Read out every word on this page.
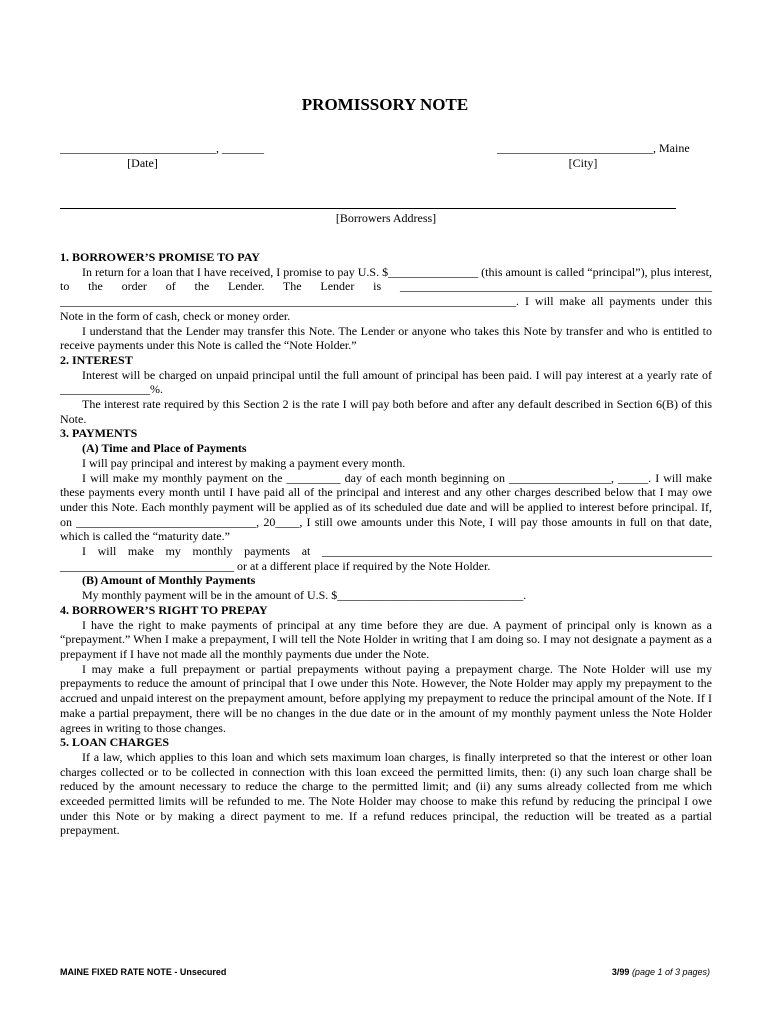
PROMISSORY NOTE
__________________________, _______
[Date]
__________________________, Maine
[City]
[Borrowers Address]

1. BORROWER’S PROMISE TO PAY

In return for a loan that I have received, I promise to pay U.S. $_______________ (this amount is called “principal”), plus interest, to the order of the Lender. The Lender is ____________________________________________________ ____________________________________________________________________________. I will make all payments under this Note in the form of cash, check or money order.

I understand that the Lender may transfer this Note. The Lender or anyone who takes this Note by transfer and who is entitled to receive payments under this Note is called the “Note Holder.”

2. INTEREST

Interest will be charged on unpaid principal until the full amount of principal has been paid. I will pay interest at a yearly rate of _______________%.

The interest rate required by this Section 2 is the rate I will pay both before and after any default described in Section 6(B) of this Note.

3. PAYMENTS

(A) Time and Place of Payments

I will pay principal and interest by making a payment every month.

I will make my monthly payment on the _________ day of each month beginning on _________________, _____. I will make these payments every month until I have paid all of the principal and interest and any other charges described below that I may owe under this Note. Each monthly payment will be applied as of its scheduled due date and will be applied to interest before principal. If, on ______________________________, 20____, I still owe amounts under this Note, I will pay those amounts in full on that date, which is called the “maturity date.”

I will make my monthly payments at _________________________________________________________________ _____________________________ or at a different place if required by the Note Holder.

(B) Amount of Monthly Payments

My monthly payment will be in the amount of U.S. $_______________________________.

4. BORROWER’S RIGHT TO PREPAY

I have the right to make payments of principal at any time before they are due. A payment of principal only is known as a “prepayment.” When I make a prepayment, I will tell the Note Holder in writing that I am doing so. I may not designate a payment as a prepayment if I have not made all the monthly payments due under the Note.

I may make a full prepayment or partial prepayments without paying a prepayment charge. The Note Holder will use my prepayments to reduce the amount of principal that I owe under this Note. However, the Note Holder may apply my prepayment to the accrued and unpaid interest on the prepayment amount, before applying my prepayment to reduce the principal amount of the Note. If I make a partial prepayment, there will be no changes in the due date or in the amount of my monthly payment unless the Note Holder agrees in writing to those changes.

5. LOAN CHARGES

If a law, which applies to this loan and which sets maximum loan charges, is finally interpreted so that the interest or other loan charges collected or to be collected in connection with this loan exceed the permitted limits, then: (i) any such loan charge shall be reduced by the amount necessary to reduce the charge to the permitted limit; and (ii) any sums already collected from me which exceeded permitted limits will be refunded to me. The Note Holder may choose to make this refund by reducing the principal I owe under this Note or by making a direct payment to me. If a refund reduces principal, the reduction will be treated as a partial prepayment.

MAINE FIXED RATE NOTE - Unsecured	3/99 (page 1 of 3 pages)
